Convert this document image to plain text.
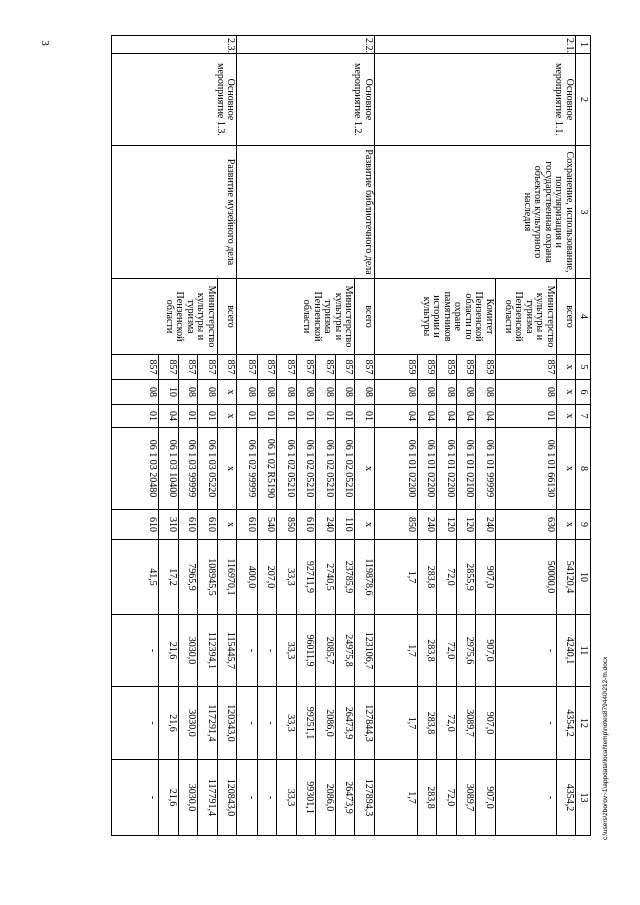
3
c:\users\zborov~1\appdata\local\temp\notes879440\212-m.docx
1	2	3	4	5	6	7	8	9	10	11	12	13
2.1.	Основное мероприятие 1.1.	Сохранение, использование, популяризация и государственная охрана объектов культурного наследия	всего	х	х	х	х	х	54120,4	4240,1	4354,2	4354,2
			Министерство культуры и туризма Пензенской области	857	08	01	06 1 01 66130	630	50000,0	-	-	-
			Комитет Пензенской области по охране памятников истории и культуры	859	08	04	06 1 01 99999	240	907,0	907,0	907,0	907,0
				859	08	04	06 1 01 02100	120	2855,9	2975,6	3089,7	3089,7
				859	08	04	06 1 01 02200	120	72,0	72,0	72,0	72,0
				859	08	04	06 1 01 02200	240	283,8	283,8	283,8	283,8
				859	08	04	06 1 01 02200	850	1,7	1,7	1,7	1,7
2.2.	Основное мероприятие 1.2.	Развитие библиотечного дела	всего	857	08	01	х	х	119878,6	123106,7	127844,3	127894,3
			Министерство культуры и туризма Пензенской области	857	08	01	06 1 02 05210	110	23785,9	24975,8	26473,9	26473,9
				857	08	01	06 1 02 05210	240	2740,5	2085,7	2086,0	2086,0
				857	08	01	06 1 02 05210	610	92711,9	96011,9	99251,1	99301,1
				857	08	01	06 1 02 05210	850	33,3	33,3	33,3	33,3
				857	08	01	06 1 02 R5190	540	207,0	-	-	-
				857	08	01	06 1 02 99999	610	400,0	-	-	-
2.3.	Основное мероприятие 1.3.	Развитие музейного дела	всего	857	х	х	х	х	116970,1	115445,7	120343,0	120843,0
			Министерство культуры и туризма Пензенской области	857	08	01	06 1 03 05220	610	108945,5	112394,1	117291,4	117791,4
				857	08	01	06 1 03 99999	610	7965,9	3030,0	3030,0	3030,0
				857	10	04	06 1 03 10400	310	17,2	21,6	21,6	21,6
				857	08	01	06 1 03 20480	610	41,5	-	-	-
